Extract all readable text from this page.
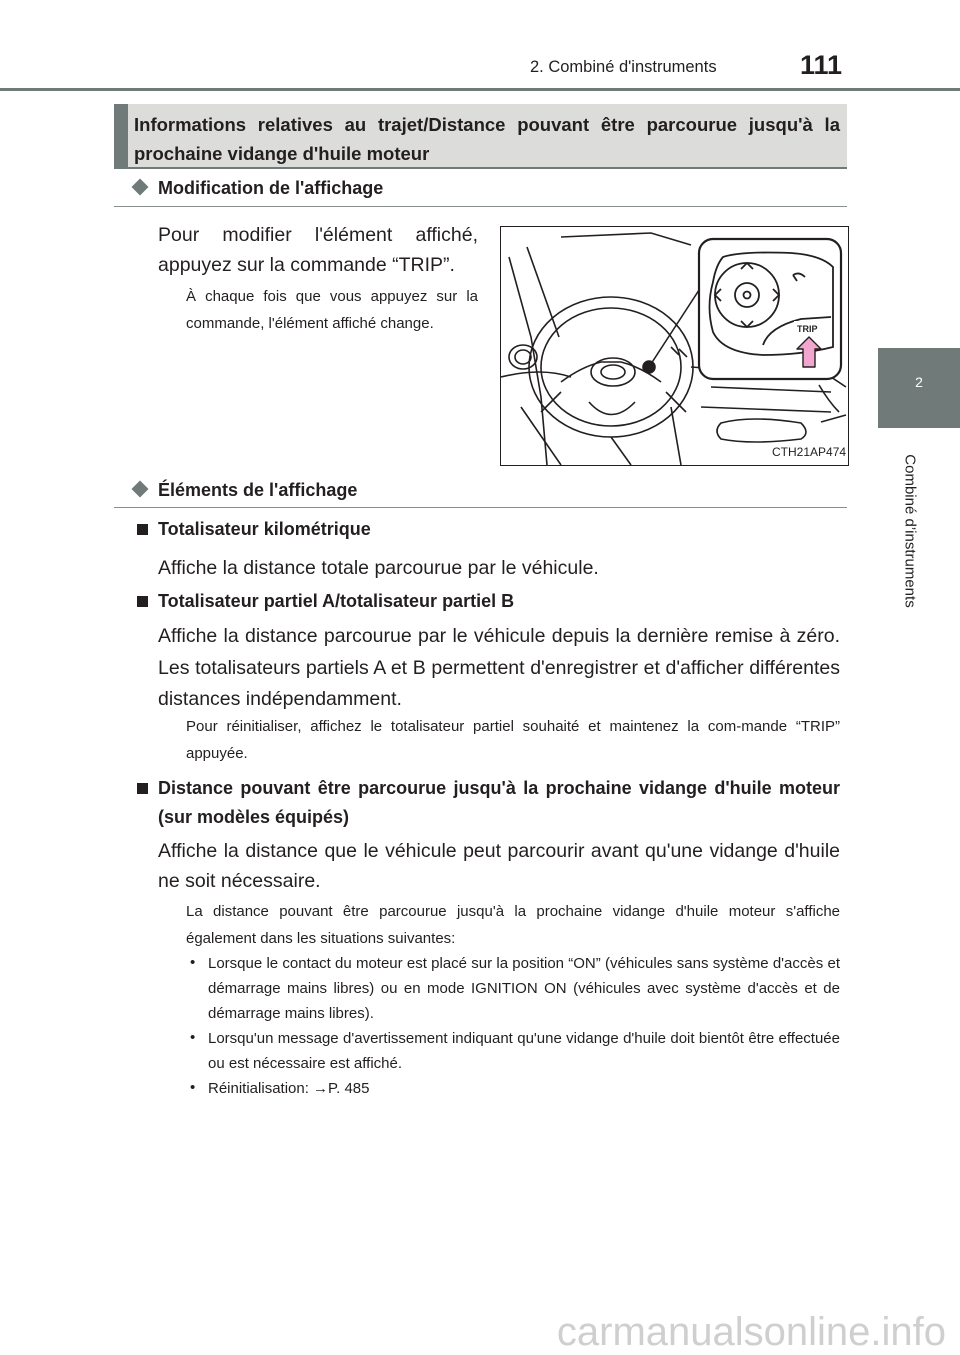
2. Combiné d'instruments	111
2
Combiné d’instruments
Informations relatives au trajet/Distance pouvant être parcourue jusqu'à la prochaine vidange d'huile moteur
Modification de l'affichage
Pour modifier l'élément affiché, appuyez sur la commande “TRIP”.
À chaque fois que vous appuyez sur la commande, l'élément affiché change.	TRIP
CTH21AP474
Éléments de l'affichage
Totalisateur kilométrique
Affiche la distance totale parcourue par le véhicule.
Totalisateur partiel A/totalisateur partiel B
Affiche la distance parcourue par le véhicule depuis la dernière remise à zéro. Les totalisateurs partiels A et B permettent d'enregistrer et d'afficher différentes distances indépendamment.
Pour réinitialiser, affichez le totalisateur partiel souhaité et maintenez la com-mande “TRIP” appuyée.
Distance pouvant être parcourue jusqu'à la prochaine vidange d'huile moteur (sur modèles équipés)
Affiche la distance que le véhicule peut parcourir avant qu'une vidange d'huile ne soit nécessaire.
La distance pouvant être parcourue jusqu'à la prochaine vidange d'huile moteur s'affiche également dans les situations suivantes:
• Lorsque le contact du moteur est placé sur la position “ON” (véhicules sans système d'accès et démarrage mains libres) ou en mode IGNITION ON (véhicules avec système d'accès et de démarrage mains libres).
• Lorsqu'un message d'avertissement indiquant qu'une vidange d'huile doit bientôt être effectuée ou est nécessaire est affiché.
• Réinitialisation: →P. 485
carmanualsonline.info
